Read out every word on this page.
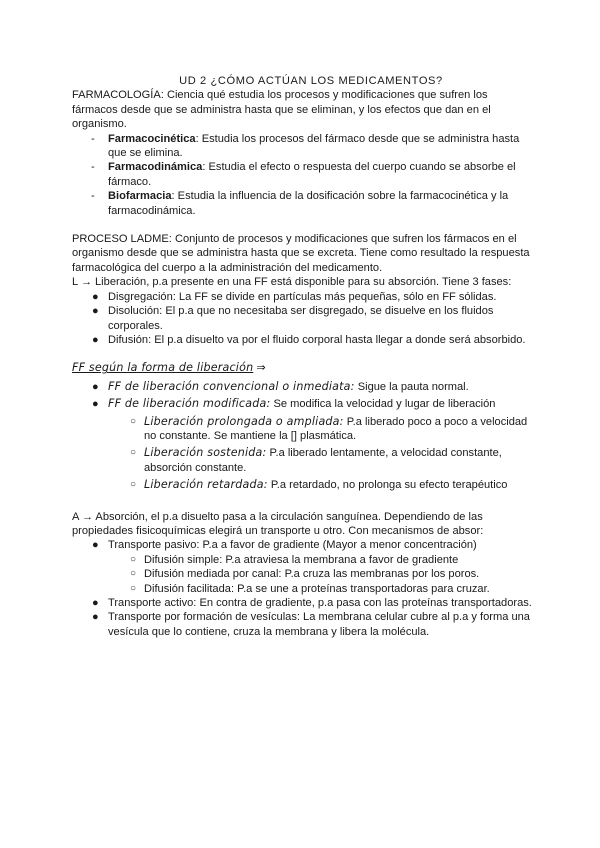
UD 2 ¿CÓMO ACTÚAN LOS MEDICAMENTOS?

FARMACOLOGÍA: Ciencia qué estudia los procesos y modificaciones que sufren los fármacos desde que se administra hasta que se eliminan, y los efectos que dan en el organismo.

- Farmacocinética: Estudia los procesos del fármaco desde que se administra hasta que se elimina.
- Farmacodinámica: Estudia el efecto o respuesta del cuerpo cuando se absorbe el fármaco.
- Biofarmacia: Estudia la influencia de la dosificación sobre la farmacocinética y la farmacodinámica.

PROCESO LADME: Conjunto de procesos y modificaciones que sufren los fármacos en el organismo desde que se administra hasta que se excreta. Tiene como resultado la respuesta farmacológica del cuerpo a la administración del medicamento.

L → Liberación, p.a presente en una FF está disponible para su absorción. Tiene 3 fases:

● Disgregación: La FF se divide en partículas más pequeñas, sólo en FF sólidas.
● Disolución: El p.a que no necesitaba ser disgregado, se disuelve en los fluidos corporales.
● Difusión: El p.a disuelto va por el fluido corporal hasta llegar a donde será absorbido.

FF según la forma de liberación ⇒

● FF de liberación convencional o inmediata: Sigue la pauta normal.
● FF de liberación modificada: Se modifica la velocidad y lugar de liberación
○ Liberación prolongada o ampliada: P.a liberado poco a poco a velocidad no constante. Se mantiene la [] plasmática.
○ Liberación sostenida: P.a liberado lentamente, a velocidad constante, absorción constante.
○ Liberación retardada: P.a retardado, no prolonga su efecto terapéutico

A → Absorción, el p.a disuelto pasa a la circulación sanguínea. Dependiendo de las propiedades fisicoquímicas elegirá un transporte u otro. Con mecanismos de absor:

● Transporte pasivo: P.a a favor de gradiente (Mayor a menor concentración)
○ Difusión simple: P.a atraviesa la membrana a favor de gradiente
○ Difusión mediada por canal: P.a cruza las membranas por los poros.
○ Difusión facilitada: P.a se une a proteínas transportadoras para cruzar.
● Transporte activo: En contra de gradiente, p.a pasa con las proteínas transportadoras.
● Transporte por formación de vesículas: La membrana celular cubre al p.a y forma una vesícula que lo contiene, cruza la membrana y libera la molécula.
